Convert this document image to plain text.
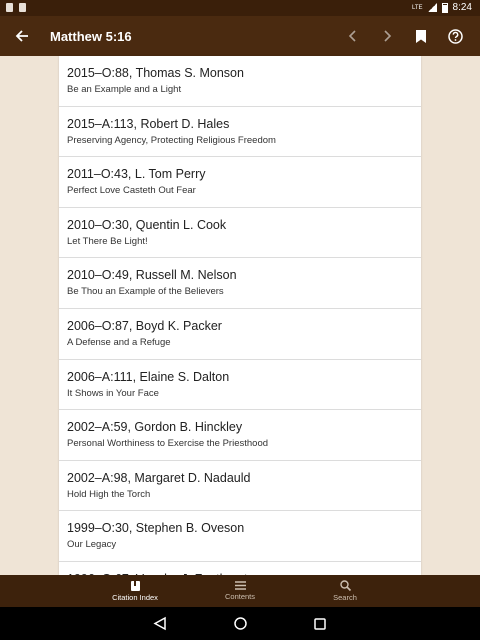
LTE	8:24
Matthew 5:16
2015–O:88, Thomas S. Monson
Be an Example and a Light
2015–A:113, Robert D. Hales
Preserving Agency, Protecting Religious Freedom
2011–O:43, L. Tom Perry
Perfect Love Casteth Out Fear
2010–O:30, Quentin L. Cook
Let There Be Light!
2010–O:49, Russell M. Nelson
Be Thou an Example of the Believers
2006–O:87, Boyd K. Packer
A Defense and a Refuge
2006–A:111, Elaine S. Dalton
It Shows in Your Face
2002–A:59, Gordon B. Hinckley
Personal Worthiness to Exercise the Priesthood
2002–A:98, Margaret D. Nadauld
Hold High the Torch
1999–O:30, Stephen B. Oveson
Our Legacy
Citation Index	Contents	Search
